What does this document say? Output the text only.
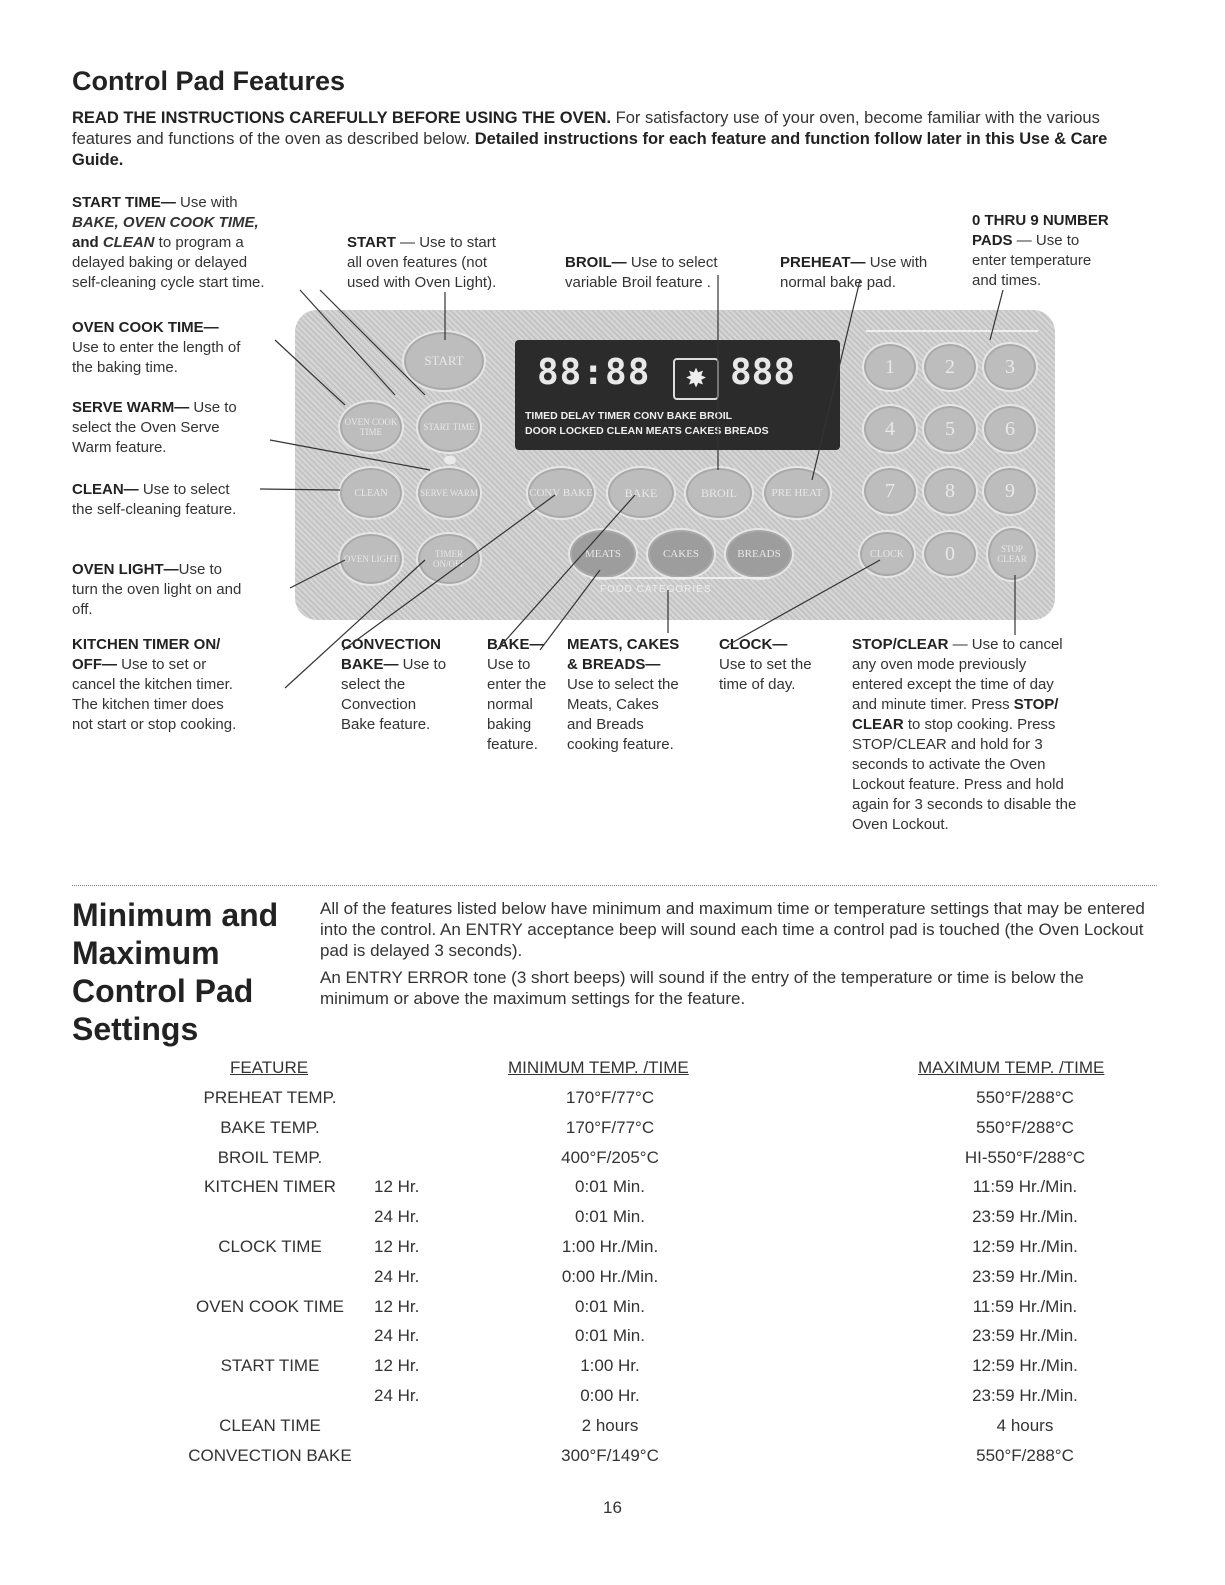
Control Pad Features
READ THE INSTRUCTIONS CAREFULLY BEFORE USING THE OVEN. For satisfactory use of your oven, become familiar with the various features and functions of the oven as described below. Detailed instructions for each feature and function follow later in this Use & Care Guide.
START TIME— Use with
BAKE, OVEN COOK TIME,
and CLEAN to program a
delayed baking or delayed
self-cleaning cycle start time.
START — Use to start
all oven features (not
used with Oven Light).
BROIL— Use to select
variable Broil feature .
PREHEAT— Use with
normal bake pad.
0 THRU 9 NUMBER
PADS — Use to
enter temperature
and times.
OVEN COOK TIME—
Use to enter the length of
the baking time.
SERVE WARM— Use to
select the Oven Serve
Warm feature.
CLEAN— Use to select
the self-cleaning feature.
OVEN LIGHT—Use to
turn the oven light on and
off.
KITCHEN TIMER ON/
OFF— Use to set or
cancel the kitchen timer.
The kitchen timer does
not start or stop cooking.
CONVECTION
BAKE— Use to
select the
Convection
Bake feature.
BAKE—
Use to
enter the
normal
baking
feature.
MEATS, CAKES
& BREADS—
Use to select the
Meats, Cakes
and Breads
cooking feature.
CLOCK—
Use to set the
time of day.
STOP/CLEAR — Use to cancel
any oven mode previously
entered except the time of day
and minute timer. Press STOP/
CLEAR to stop cooking. Press
STOP/CLEAR and hold for 3
seconds to activate the Oven
Lockout feature. Press and hold
again for 3 seconds to disable the
Oven Lockout.
88:88	✸ 888
TIMED DELAY TIMER CONV BAKE BROIL
DOOR LOCKED CLEAN MEATS CAKES BREADS
START
OVEN COOK TIME	START TIME
CLEAN	SERVE WARM
OVEN LIGHT	TIMER ON/OFF
CONV BAKE	BAKE	BROIL	PRE HEAT
MEATS	CAKES	BREADS
FOOD CATEGORIES
1	2	3
4	5	6
7	8	9
CLOCK	0	STOP CLEAR
Minimum and
Maximum
Control Pad
Settings

All of the features listed below have minimum and maximum time or temperature settings that may be entered into the control. An ENTRY acceptance beep will sound each time a control pad is touched (the Oven Lockout pad is delayed 3 seconds).

An ENTRY ERROR tone (3 short beeps) will sound if the entry of the temperature or time is below the minimum or above the maximum settings for the feature.

FEATURE	MINIMUM TEMP. /TIME	MAXIMUM TEMP. /TIME
PREHEAT TEMP.	170°F/77°C	550°F/288°C
BAKE TEMP.	170°F/77°C	550°F/288°C
BROIL TEMP.	400°F/205°C	HI-550°F/288°C
KITCHEN TIMER	12 Hr.	0:01 Min.	11:59 Hr./Min.
24 Hr.	0:01 Min.	23:59 Hr./Min.
CLOCK TIME	12 Hr.	1:00 Hr./Min.	12:59 Hr./Min.
24 Hr.	0:00 Hr./Min.	23:59 Hr./Min.
OVEN COOK TIME	12 Hr.	0:01 Min.	11:59 Hr./Min.
24 Hr.	0:01 Min.	23:59 Hr./Min.
START TIME	12 Hr.	1:00 Hr.	12:59 Hr./Min.
24 Hr.	0:00 Hr.	23:59 Hr./Min.
CLEAN TIME	2 hours	4 hours
CONVECTION BAKE	300°F/149°C	550°F/288°C
16
